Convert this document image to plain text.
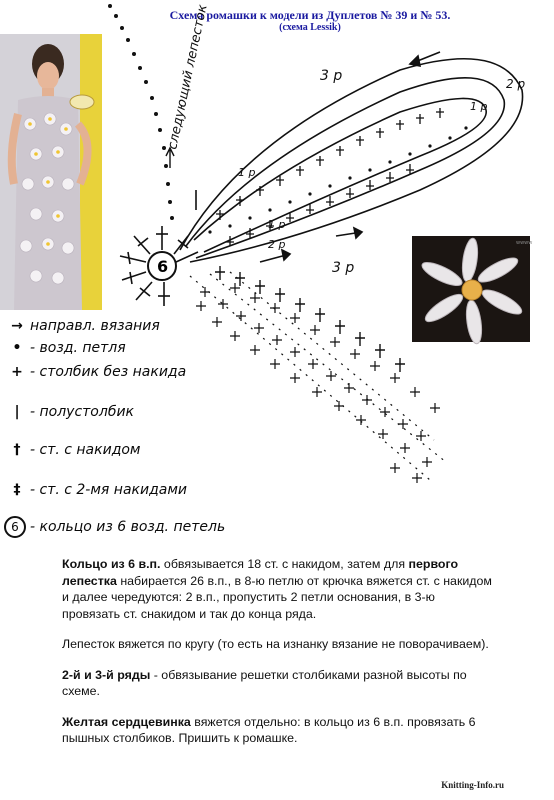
Схема ромашки к модели из Дуплетов № 39 и № 53.
(схема Lessik)
следующий лепесток
6
3 р	2 р
1 р
1 р
2 р
3 р
1 р
wwww
→ направл. вязания
• - возд. петля
+ - столбик без накида
| - полустолбик
† - ст. с накидом
‡ - ст. с 2-мя накидами
6 - кольцо из 6 возд. петель

Кольцо из 6 в.п. обвязывается 18 ст. с накидом, затем для первого лепестка набирается 26 в.п., в 8-ю петлю от крючка вяжется ст. с накидом и далее чередуются: 2 в.п., пропустить 2 петли основания, в 3-ю провязать ст. снакидом и так до конца ряда.

Лепесток вяжется по кругу (то есть на изнанку вязание не поворачиваем).

2-й и 3-й ряды - обвязывание решетки столбиками разной высоты по схеме.

Желтая сердцевинка вяжется отдельно: в кольцо из 6 в.п. провязать 6 пышных столбиков. Пришить к ромашке.

Knitting-Info.ru
